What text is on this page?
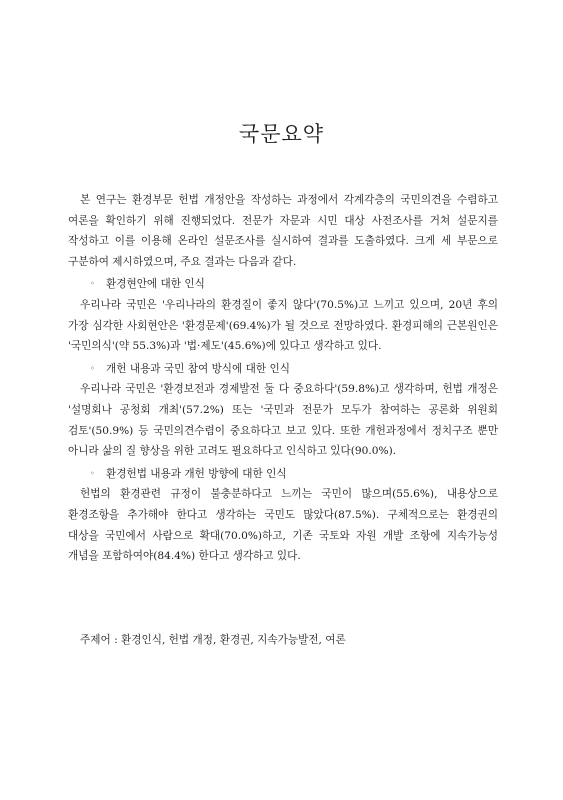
국문요약

본 연구는 환경부문 헌법 개정안을 작성하는 과정에서 각계각층의 국민의견을 수렴하고 여론을 확인하기 위해 진행되었다. 전문가 자문과 시민 대상 사전조사를 거쳐 설문지를 작성하고 이를 이용해 온라인 설문조사를 실시하여 결과를 도출하였다. 크게 세 부문으로 구분하여 제시하였으며, 주요 결과는 다음과 같다.

◦ 환경현안에 대한 인식

우리나라 국민은 '우리나라의 환경질이 좋지 않다'(70.5%)고 느끼고 있으며, 20년 후의 가장 심각한 사회현안은 '환경문제'(69.4%)가 될 것으로 전망하였다. 환경피해의 근본원인은 '국민의식'(약 55.3%)과 '법·제도'(45.6%)에 있다고 생각하고 있다.

◦ 개헌 내용과 국민 참여 방식에 대한 인식

우리나라 국민은 '환경보전과 경제발전 둘 다 중요하다'(59.8%)고 생각하며, 헌법 개정은 '설명회나 공청회 개최'(57.2%) 또는 '국민과 전문가 모두가 참여하는 공론화 위원회 검토'(50.9%) 등 국민의견수렴이 중요하다고 보고 있다. 또한 개헌과정에서 정치구조 뿐만 아니라 삶의 질 향상을 위한 고려도 필요하다고 인식하고 있다(90.0%).

◦ 환경헌법 내용과 개헌 방향에 대한 인식

헌법의 환경관련 규정이 불충분하다고 느끼는 국민이 많으며(55.6%), 내용상으로 환경조항을 추가해야 한다고 생각하는 국민도 많았다(87.5%). 구체적으로는 환경권의 대상을 국민에서 사람으로 확대(70.0%)하고, 기존 국토와 자원 개발 조항에 지속가능성 개념을 포함하여야(84.4%) 한다고 생각하고 있다.

주제어 : 환경인식, 헌법 개정, 환경권, 지속가능발전, 여론
